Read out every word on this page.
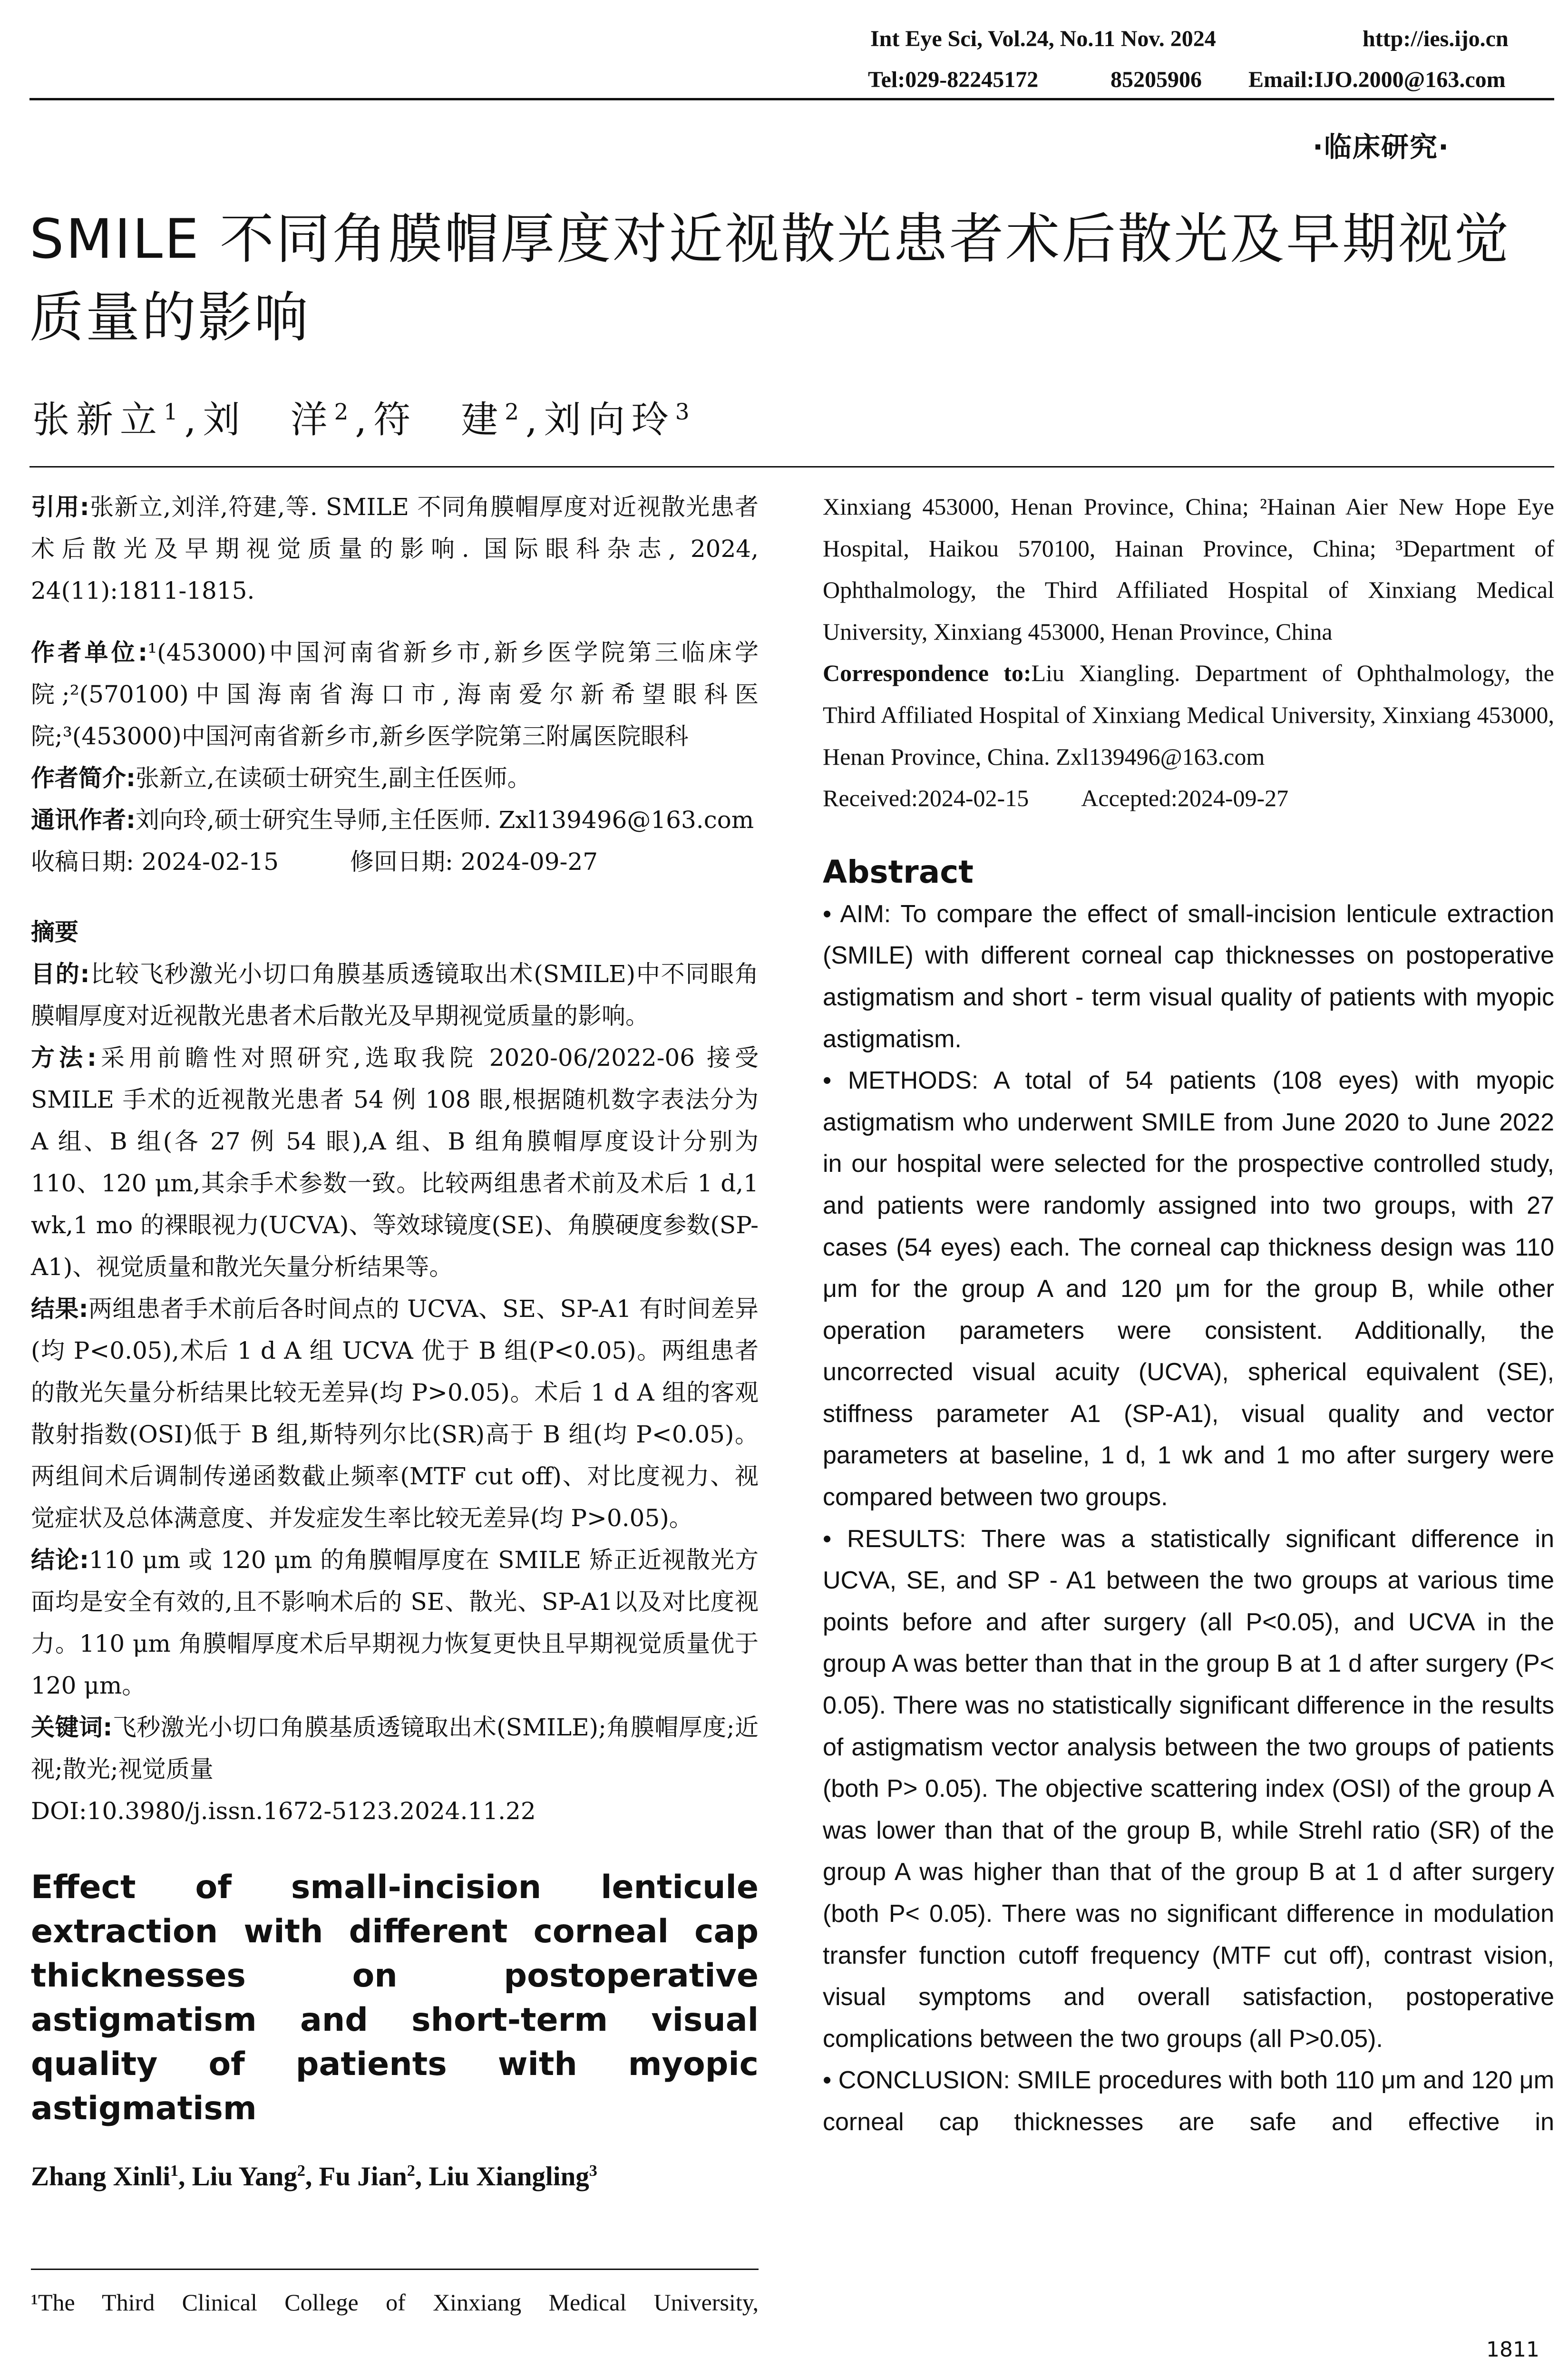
Int Eye Sci, Vol.24, No.11 Nov. 2024	http://ies.ijo.cn
Tel:029-82245172	85205906 Email:IJO.2000@163.com
·临床研究·
SMILE 不同角膜帽厚度对近视散光患者术后散光及早期视觉质量的影响
张新立$^1$,刘　洋$^2$,符　建$^2$,刘向玲$^3$

引用:张新立,刘洋,符建,等. SMILE 不同角膜帽厚度对近视散光患者术后散光及早期视觉质量的影响. 国际眼科杂志, 2024, 24(11):1811-1815.

作者单位:¹(453000)中国河南省新乡市,新乡医学院第三临床学院;²(570100)中国海南省海口市,海南爱尔新希望眼科医院;³(453000)中国河南省新乡市,新乡医学院第三附属医院眼科

作者简介:张新立,在读硕士研究生,副主任医师。

通讯作者:刘向玲,硕士研究生导师,主任医师. Zxl139496@163.com

收稿日期: 2024-02-15	修回日期: 2024-09-27

摘要

目的:比较飞秒激光小切口角膜基质透镜取出术(SMILE)中不同眼角膜帽厚度对近视散光患者术后散光及早期视觉质量的影响。

方法:采用前瞻性对照研究,选取我院 2020-06/2022-06 接受 SMILE 手术的近视散光患者 54 例 108 眼,根据随机数字表法分为 A 组、B 组(各 27 例 54 眼),A 组、B 组角膜帽厚度设计分别为 110、120 μm,其余手术参数一致。比较两组患者术前及术后 1 d,1 wk,1 mo 的裸眼视力(UCVA)、等效球镜度(SE)、角膜硬度参数(SP-A1)、视觉质量和散光矢量分析结果等。

结果:两组患者手术前后各时间点的 UCVA、SE、SP-A1 有时间差异(均 P<0.05),术后 1 d A 组 UCVA 优于 B 组(P<0.05)。两组患者的散光矢量分析结果比较无差异(均 P>0.05)。术后 1 d A 组的客观散射指数(OSI)低于 B 组,斯特列尔比(SR)高于 B 组(均 P<0.05)。两组间术后调制传递函数截止频率(MTF cut off)、对比度视力、视觉症状及总体满意度、并发症发生率比较无差异(均 P>0.05)。

结论:110 μm 或 120 μm 的角膜帽厚度在 SMILE 矫正近视散光方面均是安全有效的,且不影响术后的 SE、散光、SP-A1以及对比度视力。110 μm 角膜帽厚度术后早期视力恢复更快且早期视觉质量优于 120 μm。

关键词:飞秒激光小切口角膜基质透镜取出术(SMILE);角膜帽厚度;近视;散光;视觉质量

DOI:10.3980/j.issn.1672-5123.2024.11.22

Effect of small-incision lenticule extraction with different corneal cap thicknesses on postoperative astigmatism and short-term visual quality of patients with myopic astigmatism

Zhang Xinli$^1$, Liu Yang$^2$, Fu Jian$^2$, Liu Xiangling$^3$

¹The Third Clinical College of Xinxiang Medical University,

Xinxiang 453000, Henan Province, China; ²Hainan Aier New Hope Eye Hospital, Haikou 570100, Hainan Province, China; ³Department of Ophthalmology, the Third Affiliated Hospital of Xinxiang Medical University, Xinxiang 453000, Henan Province, China

Correspondence to:Liu Xiangling. Department of Ophthalmology, the Third Affiliated Hospital of Xinxiang Medical University, Xinxiang 453000, Henan Province, China. Zxl139496@163.com

Received:2024-02-15 Accepted:2024-09-27

Abstract

• AIM: To compare the effect of small-incision lenticule extraction (SMILE) with different corneal cap thicknesses on postoperative astigmatism and short - term visual quality of patients with myopic astigmatism.

• METHODS: A total of 54 patients (108 eyes) with myopic astigmatism who underwent SMILE from June 2020 to June 2022 in our hospital were selected for the prospective controlled study, and patients were randomly assigned into two groups, with 27 cases (54 eyes) each. The corneal cap thickness design was 110 μm for the group A and 120 μm for the group B, while other operation parameters were consistent. Additionally, the uncorrected visual acuity (UCVA), spherical equivalent (SE), stiffness parameter A1 (SP-A1), visual quality and vector parameters at baseline, 1 d, 1 wk and 1 mo after surgery were compared between two groups.

• RESULTS: There was a statistically significant difference in UCVA, SE, and SP - A1 between the two groups at various time points before and after surgery (all P<0.05), and UCVA in the group A was better than that in the group B at 1 d after surgery (P< 0.05). There was no statistically significant difference in the results of astigmatism vector analysis between the two groups of patients (both P> 0.05). The objective scattering index (OSI) of the group A was lower than that of the group B, while Strehl ratio (SR) of the group A was higher than that of the group B at 1 d after surgery (both P< 0.05). There was no significant difference in modulation transfer function cutoff frequency (MTF cut off), contrast vision, visual symptoms and overall satisfaction, postoperative complications between the two groups (all P>0.05).

• CONCLUSION: SMILE procedures with both 110 μm and 120 μm corneal cap thicknesses are safe and effective in

1811
